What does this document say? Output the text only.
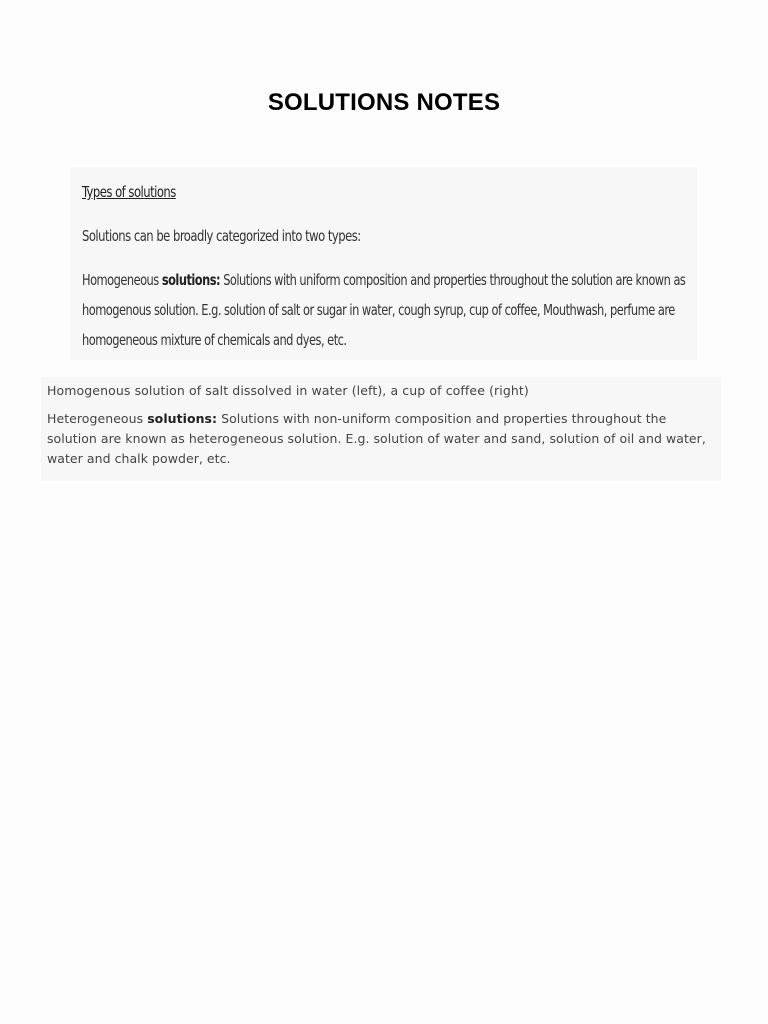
SOLUTIONS NOTES
Types of solutions
Solutions can be broadly categorized into two types:
Homogeneous solutions: Solutions with uniform composition and properties throughout the solution are known as homogenous solution. E.g. solution of salt or sugar in water, cough syrup, cup of coffee, Mouthwash, perfume are homogeneous mixture of chemicals and dyes, etc.
Homogenous solution of salt dissolved in water (left), a cup of coffee (right)
Heterogeneous solutions: Solutions with non-uniform composition and properties throughout the solution are known as heterogeneous solution. E.g. solution of water and sand, solution of oil and water, water and chalk powder, etc.
